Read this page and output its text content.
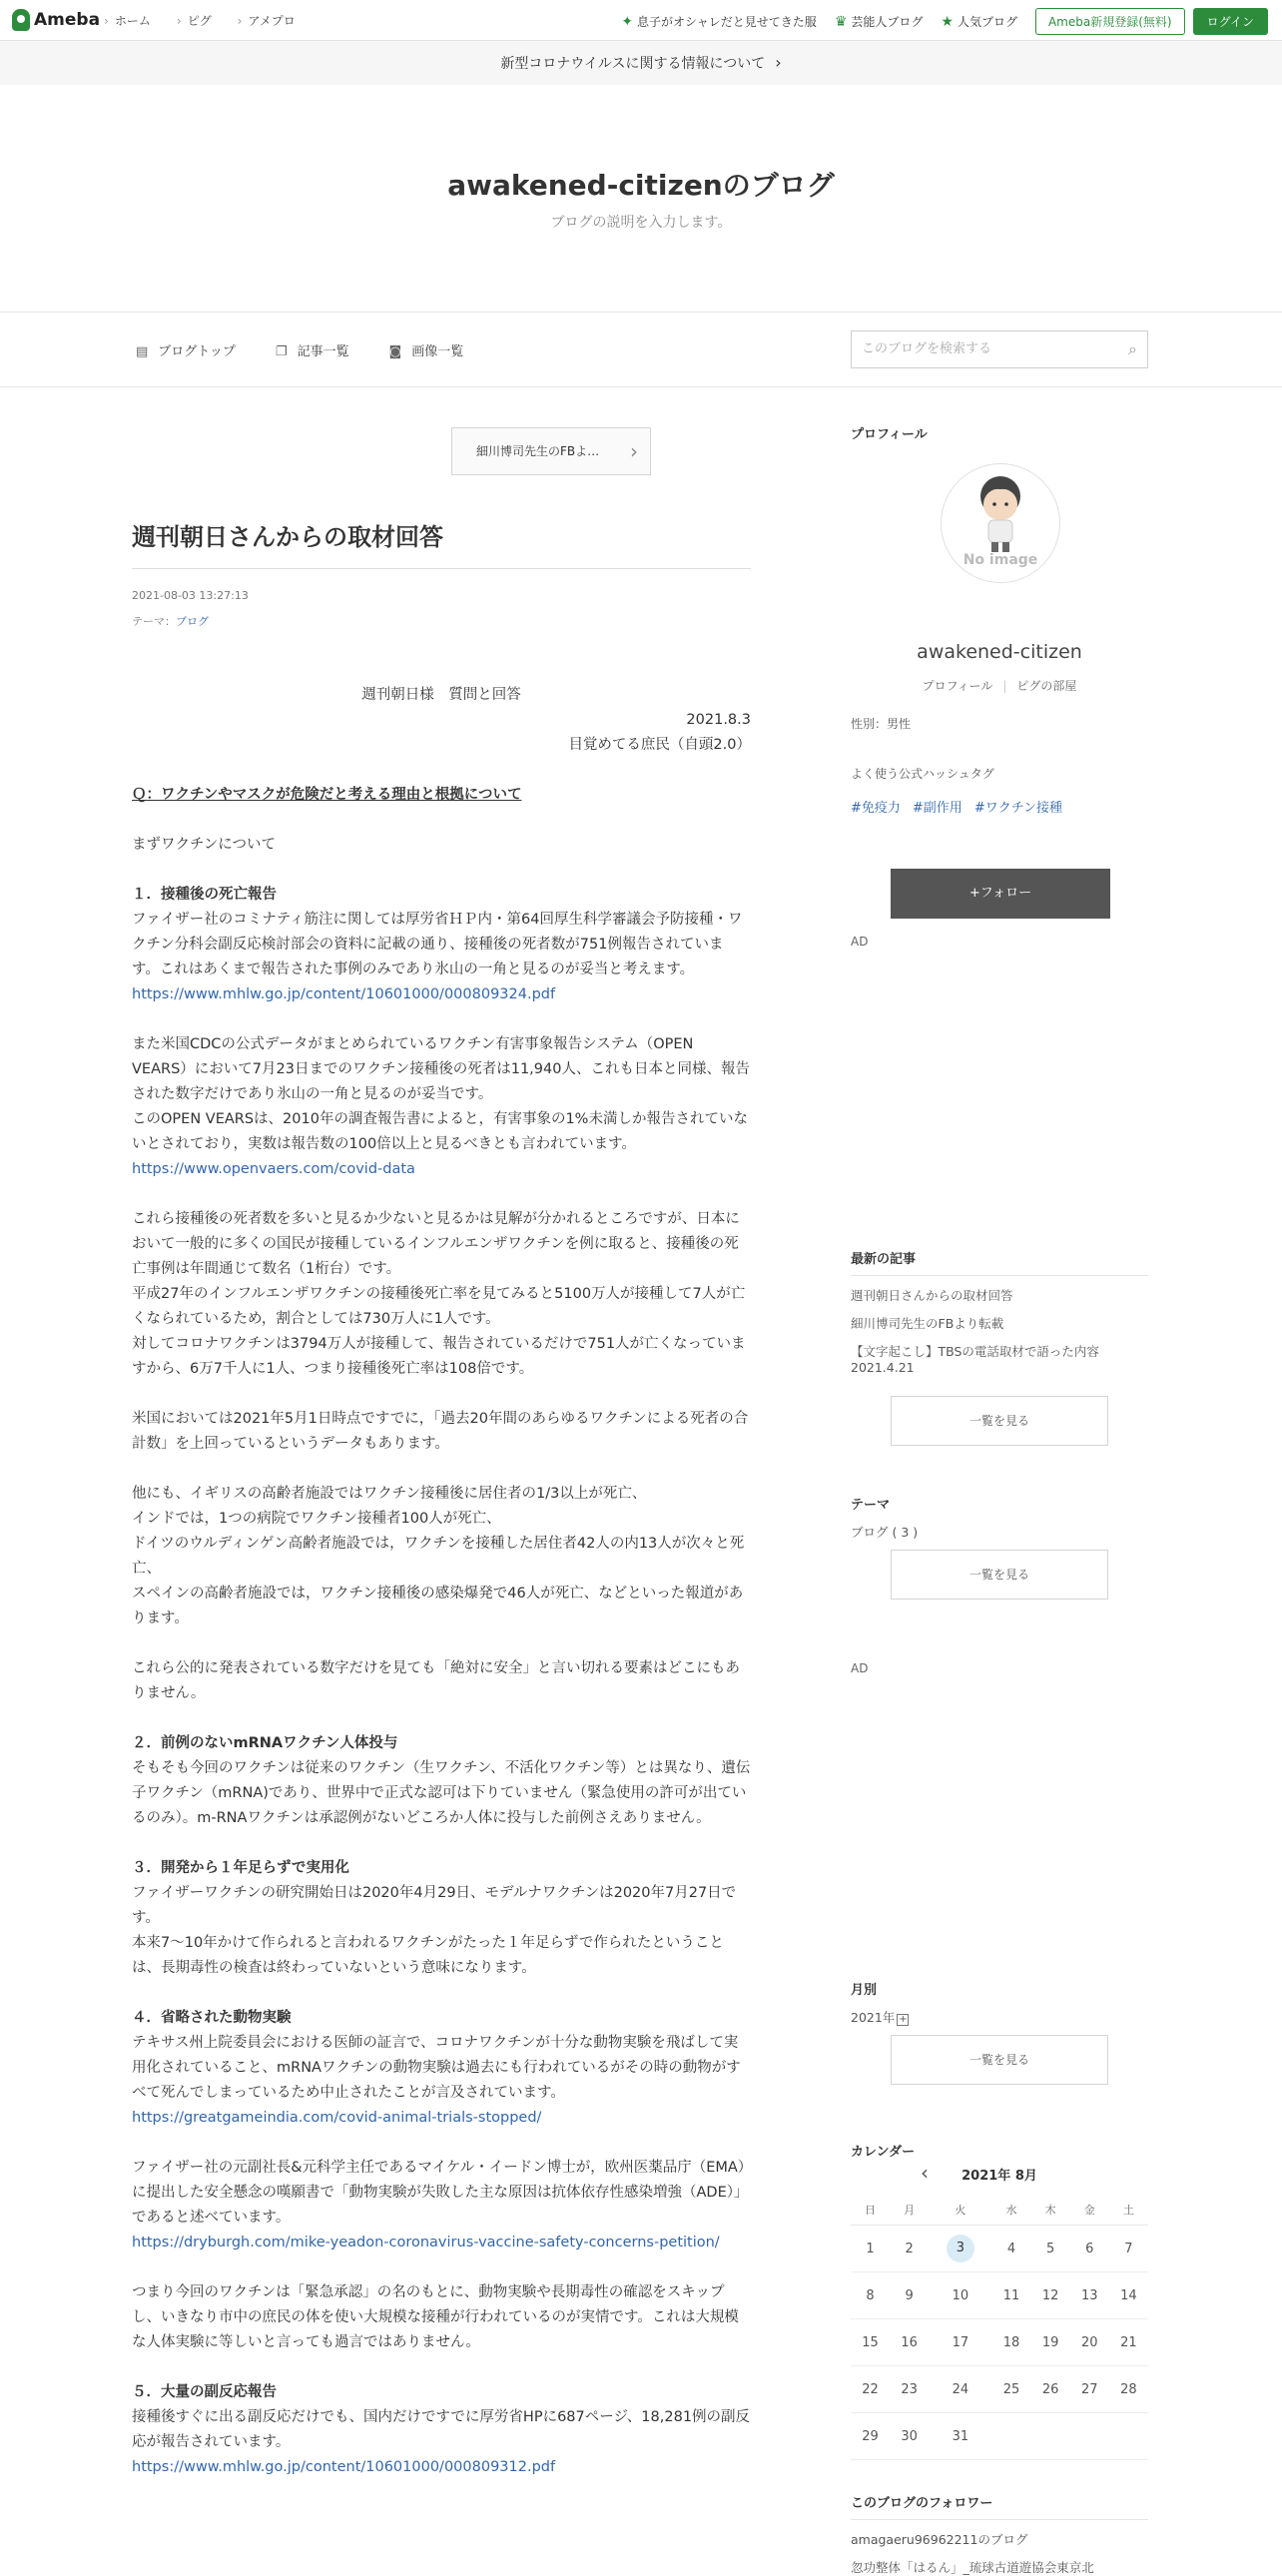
Ameba	› ホーム	› ピグ	› アメプロ	✦ 息子がオシャレだと見せてきた服 ♛ 芸能人ブログ ★ 人気ブログ	Ameba新規登録(無料)	ログイン
新型コロナウイルスに関する情報について ›
awakened-citizenのブログ
ブログの説明を入力します。
▤ ブログトップ	❐ 記事一覧	◙ 画像一覧	このブログを検索する	⌕
細川博司先生のFBよ… ›
週刊朝日さんからの取材回答
2021-08-03 13:27:13
テーマ：ブログ
週刊朝日様　質問と回答
2021.8.3
目覚めてる庶民（自頭2.0）

Ｑ：ワクチンやマスクが危険だと考える理由と根拠について

まずワクチンについて

１．接種後の死亡報告
ファイザー社のコミナティ筋注に関しては厚労省ＨＰ内・第64回厚生科学審議会予防接種・ワクチン分科会副反応検討部会の資料に記載の通り、接種後の死者数が751例報告されています。これはあくまで報告された事例のみであり氷山の一角と見るのが妥当と考えます。

https://www.mhlw.go.jp/content/10601000/000809324.pdf

また米国CDCの公式データがまとめられているワクチン有害事象報告システム（OPEN VEARS）において7月23日までのワクチン接種後の死者は11,940人、これも日本と同様、報告された数字だけであり氷山の一角と見るのが妥当です。
このOPEN VEARSは、2010年の調査報告書によると，有害事象の1%未満しか報告されていないとされており，実数は報告数の100倍以上と見るべきとも言われています。

https://www.openvaers.com/covid-data

これら接種後の死者数を多いと見るか少ないと見るかは見解が分かれるところですが、日本において一般的に多くの国民が接種しているインフルエンザワクチンを例に取ると、接種後の死亡事例は年間通じて数名（1桁台）です。
平成27年のインフルエンザワクチンの接種後死亡率を見てみると5100万人が接種して7人が亡くなられているため，割合としては730万人に1人です。

対してコロナワクチンは3794万人が接種して、報告されているだけで751人が亡くなっていますから、6万7千人に1人、つまり接種後死亡率は108倍です。

米国においては2021年5月1日時点ですでに，「過去20年間のあらゆるワクチンによる死者の合計数」を上回っているというデータもあります。

他にも、イギリスの高齢者施設ではワクチン接種後に居住者の1/3以上が死亡、
インドでは，1つの病院でワクチン接種者100人が死亡、
ドイツのウルディンゲン高齢者施設では，ワクチンを接種した居住者42人の内13人が次々と死亡、

スペインの高齢者施設では，ワクチン接種後の感染爆発で46人が死亡、などといった報道があります。

これら公的に発表されている数字だけを見ても「絶対に安全」と言い切れる要素はどこにもありません。

２．前例のないmRNAワクチン人体投与

そもそも今回のワクチンは従来のワクチン（生ワクチン、不活化ワクチン等）とは異なり、遺伝子ワクチン（mRNA)であり、世界中で正式な認可は下りていません（緊急使用の許可が出ているのみ）。m-RNAワクチンは承認例がないどころか人体に投与した前例さえありません。

３．開発から１年足らずで実用化
ファイザーワクチンの研究開始日は2020年4月29日、モデルナワクチンは2020年7月27日です。

本来7～10年かけて作られると言われるワクチンがたった１年足らずで作られたということは、長期毒性の検査は終わっていないという意味になります。

４．省略された動物実験
テキサス州上院委員会における医師の証言で、コロナワクチンが十分な動物実験を飛ばして実用化されていること、mRNAワクチンの動物実験は過去にも行われているがその時の動物がすべて死んでしまっているため中止されたことが言及されています。

https://greatgameindia.com/covid-animal-trials-stopped/

ファイザー社の元副社長&元科学主任であるマイケル・イードン博士が，欧州医薬品庁（EMA）に提出した安全懸念の嘆願書で「動物実験が失敗した主な原因は抗体依存性感染増強（ADE）」であると述べています。

https://dryburgh.com/mike-yeadon-coronavirus-vaccine-safety-concerns-petition/

つまり今回のワクチンは「緊急承認」の名のもとに、動物実験や長期毒性の確認をスキップし、いきなり市中の庶民の体を使い大規模な接種が行われているのが実情です。これは大規模な人体実験に等しいと言っても過言ではありません。

５．大量の副反応報告
接種後すぐに出る副反応だけでも、国内だけですでに厚労省HPに687ページ、18,281例の副反応が報告されています。
https://www.mhlw.go.jp/content/10601000/000809312.pdf
プロフィール
No image
awakened-citizen
プロフィール | ピグの部屋
性別：男性
よく使う公式ハッシュタグ
#免疫力 #副作用 #ワクチン接種
+フォロー
AD
最新の記事
週刊朝日さんからの取材回答
細川博司先生のFBより転載
【文字起こし】TBSの電話取材で語った内容2021.4.21
一覧を見る
テーマ
ブログ ( 3 )
一覧を見る
AD
月別
2021年 +
一覧を見る
カレンダー
‹	2021年 8月
日	月	火	水	木	金	土
1	2	3	4	5	6	7
8	9	10	11	12	13	14
15	16	17	18	19	20	21
22	23	24	25	26	27	28
29	30	31				
このブログのフォロワー
amagaeru96962211のブログ
忽功整体「はるん」_琉球古道遊協会東京北
